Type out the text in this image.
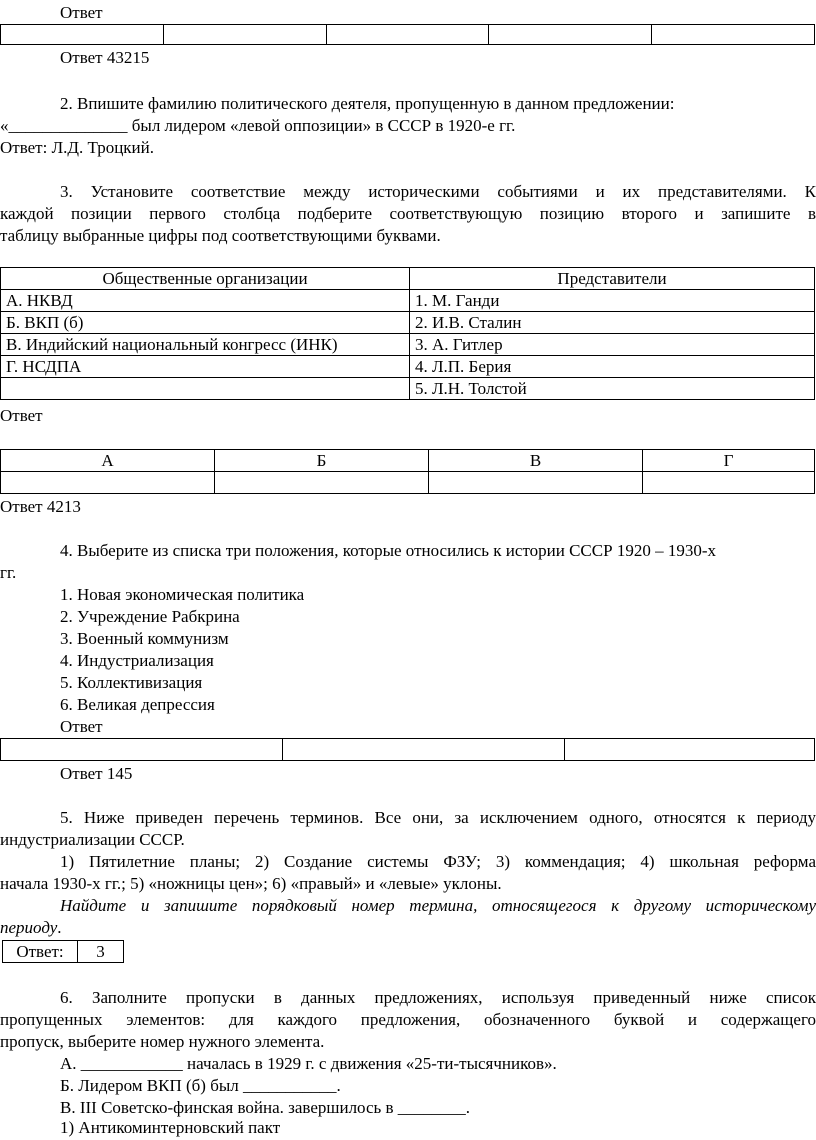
Ответ

Ответ 43215
2. Впишите фамилию политического деятеля, пропущенную в данном предложении:
«______________ был лидером «левой оппозиции» в СССР в 1920-е гг.
Ответ: Л.Д. Троцкий.
3. Установите соответствие между историческими событиями и их представителями. К
каждой позиции первого столбца подберите соответствующую позицию второго и запишите в
таблицу выбранные цифры под соответствующими буквами.
Общественные организации	Представители
А. НКВД	1. М. Ганди
Б. ВКП (б)	2. И.В. Сталин
В. Индийский национальный конгресс (ИНК)	3. А. Гитлер
Г. НСДПА	4. Л.П. Берия
	5. Л.Н. Толстой
Ответ
А	Б	В	Г

Ответ 4213
4. Выберите из списка три положения, которые относились к истории СССР 1920 – 1930-х
гг.
1. Новая экономическая политика
2. Учреждение Рабкрина
3. Военный коммунизм
4. Индустриализация
5. Коллективизация
6. Великая депрессия
Ответ

Ответ 145
5. Ниже приведен перечень терминов. Все они, за исключением одного, относятся к периоду
индустриализации СССР.
1) Пятилетние планы; 2) Создание системы ФЗУ; 3) коммендация; 4) школьная реформа
начала 1930-х гг.; 5) «ножницы цен»; 6) «правый» и «левые» уклоны.
Найдите и запишите порядковый номер термина, относящегося к другому историческому
периоду.
Ответ:	3
6. Заполните пропуски в данных предложениях, используя приведенный ниже список
пропущенных элементов: для каждого предложения, обозначенного буквой и содержащего
пропуск, выберите номер нужного элемента.
А. ____________ началась в 1929 г. с движения «25-ти-тысячников».
Б. Лидером ВКП (б) был ___________.
В. III Советско-финская война. завершилось в ________.
1) Антикоминтерновский пакт
